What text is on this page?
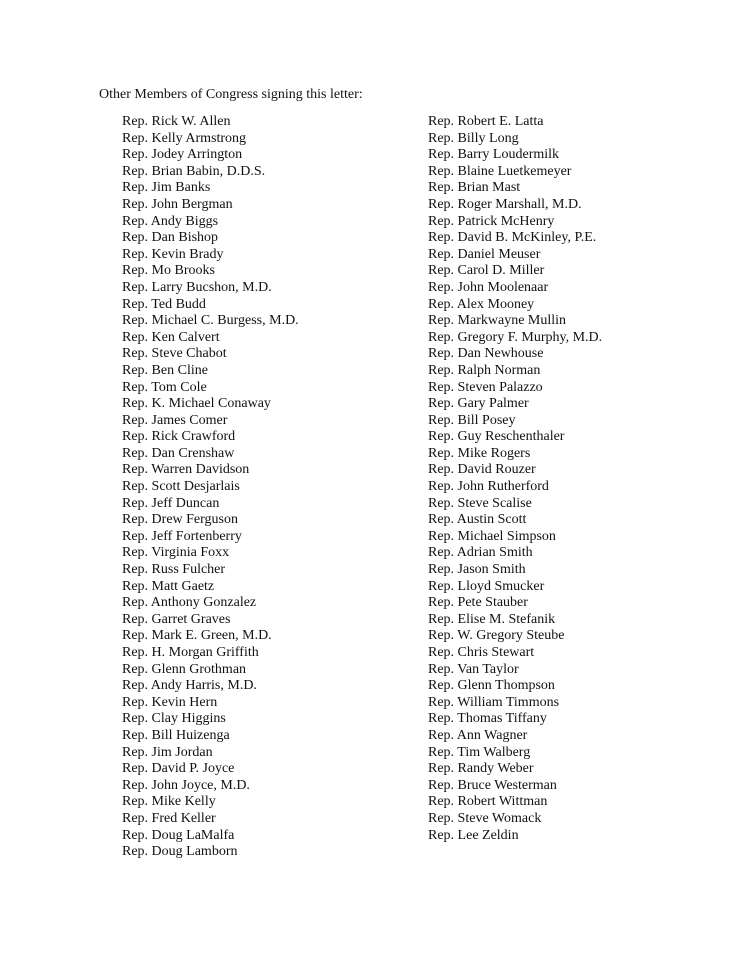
Other Members of Congress signing this letter:
Rep. Rick W. Allen
Rep. Kelly Armstrong
Rep. Jodey Arrington
Rep. Brian Babin, D.D.S.
Rep. Jim Banks
Rep. John Bergman
Rep. Andy Biggs
Rep. Dan Bishop
Rep. Kevin Brady
Rep. Mo Brooks
Rep. Larry Bucshon, M.D.
Rep. Ted Budd
Rep. Michael C. Burgess, M.D.
Rep. Ken Calvert
Rep. Steve Chabot
Rep. Ben Cline
Rep. Tom Cole
Rep. K. Michael Conaway
Rep. James Comer
Rep. Rick Crawford
Rep. Dan Crenshaw
Rep. Warren Davidson
Rep. Scott Desjarlais
Rep. Jeff Duncan
Rep. Drew Ferguson
Rep. Jeff Fortenberry
Rep. Virginia Foxx
Rep. Russ Fulcher
Rep. Matt Gaetz
Rep. Anthony Gonzalez
Rep. Garret Graves
Rep. Mark E. Green, M.D.
Rep. H. Morgan Griffith
Rep. Glenn Grothman
Rep. Andy Harris, M.D.
Rep. Kevin Hern
Rep. Clay Higgins
Rep. Bill Huizenga
Rep. Jim Jordan
Rep. David P. Joyce
Rep. John Joyce, M.D.
Rep. Mike Kelly
Rep. Fred Keller
Rep. Doug LaMalfa
Rep. Doug Lamborn
Rep. Robert E. Latta
Rep. Billy Long
Rep. Barry Loudermilk
Rep. Blaine Luetkemeyer
Rep. Brian Mast
Rep. Roger Marshall, M.D.
Rep. Patrick McHenry
Rep. David B. McKinley, P.E.
Rep. Daniel Meuser
Rep. Carol D. Miller
Rep. John Moolenaar
Rep. Alex Mooney
Rep. Markwayne Mullin
Rep. Gregory F. Murphy, M.D.
Rep. Dan Newhouse
Rep. Ralph Norman
Rep. Steven Palazzo
Rep. Gary Palmer
Rep. Bill Posey
Rep. Guy Reschenthaler
Rep. Mike Rogers
Rep. David Rouzer
Rep. John Rutherford
Rep. Steve Scalise
Rep. Austin Scott
Rep. Michael Simpson
Rep. Adrian Smith
Rep. Jason Smith
Rep. Lloyd Smucker
Rep. Pete Stauber
Rep. Elise M. Stefanik
Rep. W. Gregory Steube
Rep. Chris Stewart
Rep. Van Taylor
Rep. Glenn Thompson
Rep. William Timmons
Rep. Thomas Tiffany
Rep. Ann Wagner
Rep. Tim Walberg
Rep. Randy Weber
Rep. Bruce Westerman
Rep. Robert Wittman
Rep. Steve Womack
Rep. Lee Zeldin
